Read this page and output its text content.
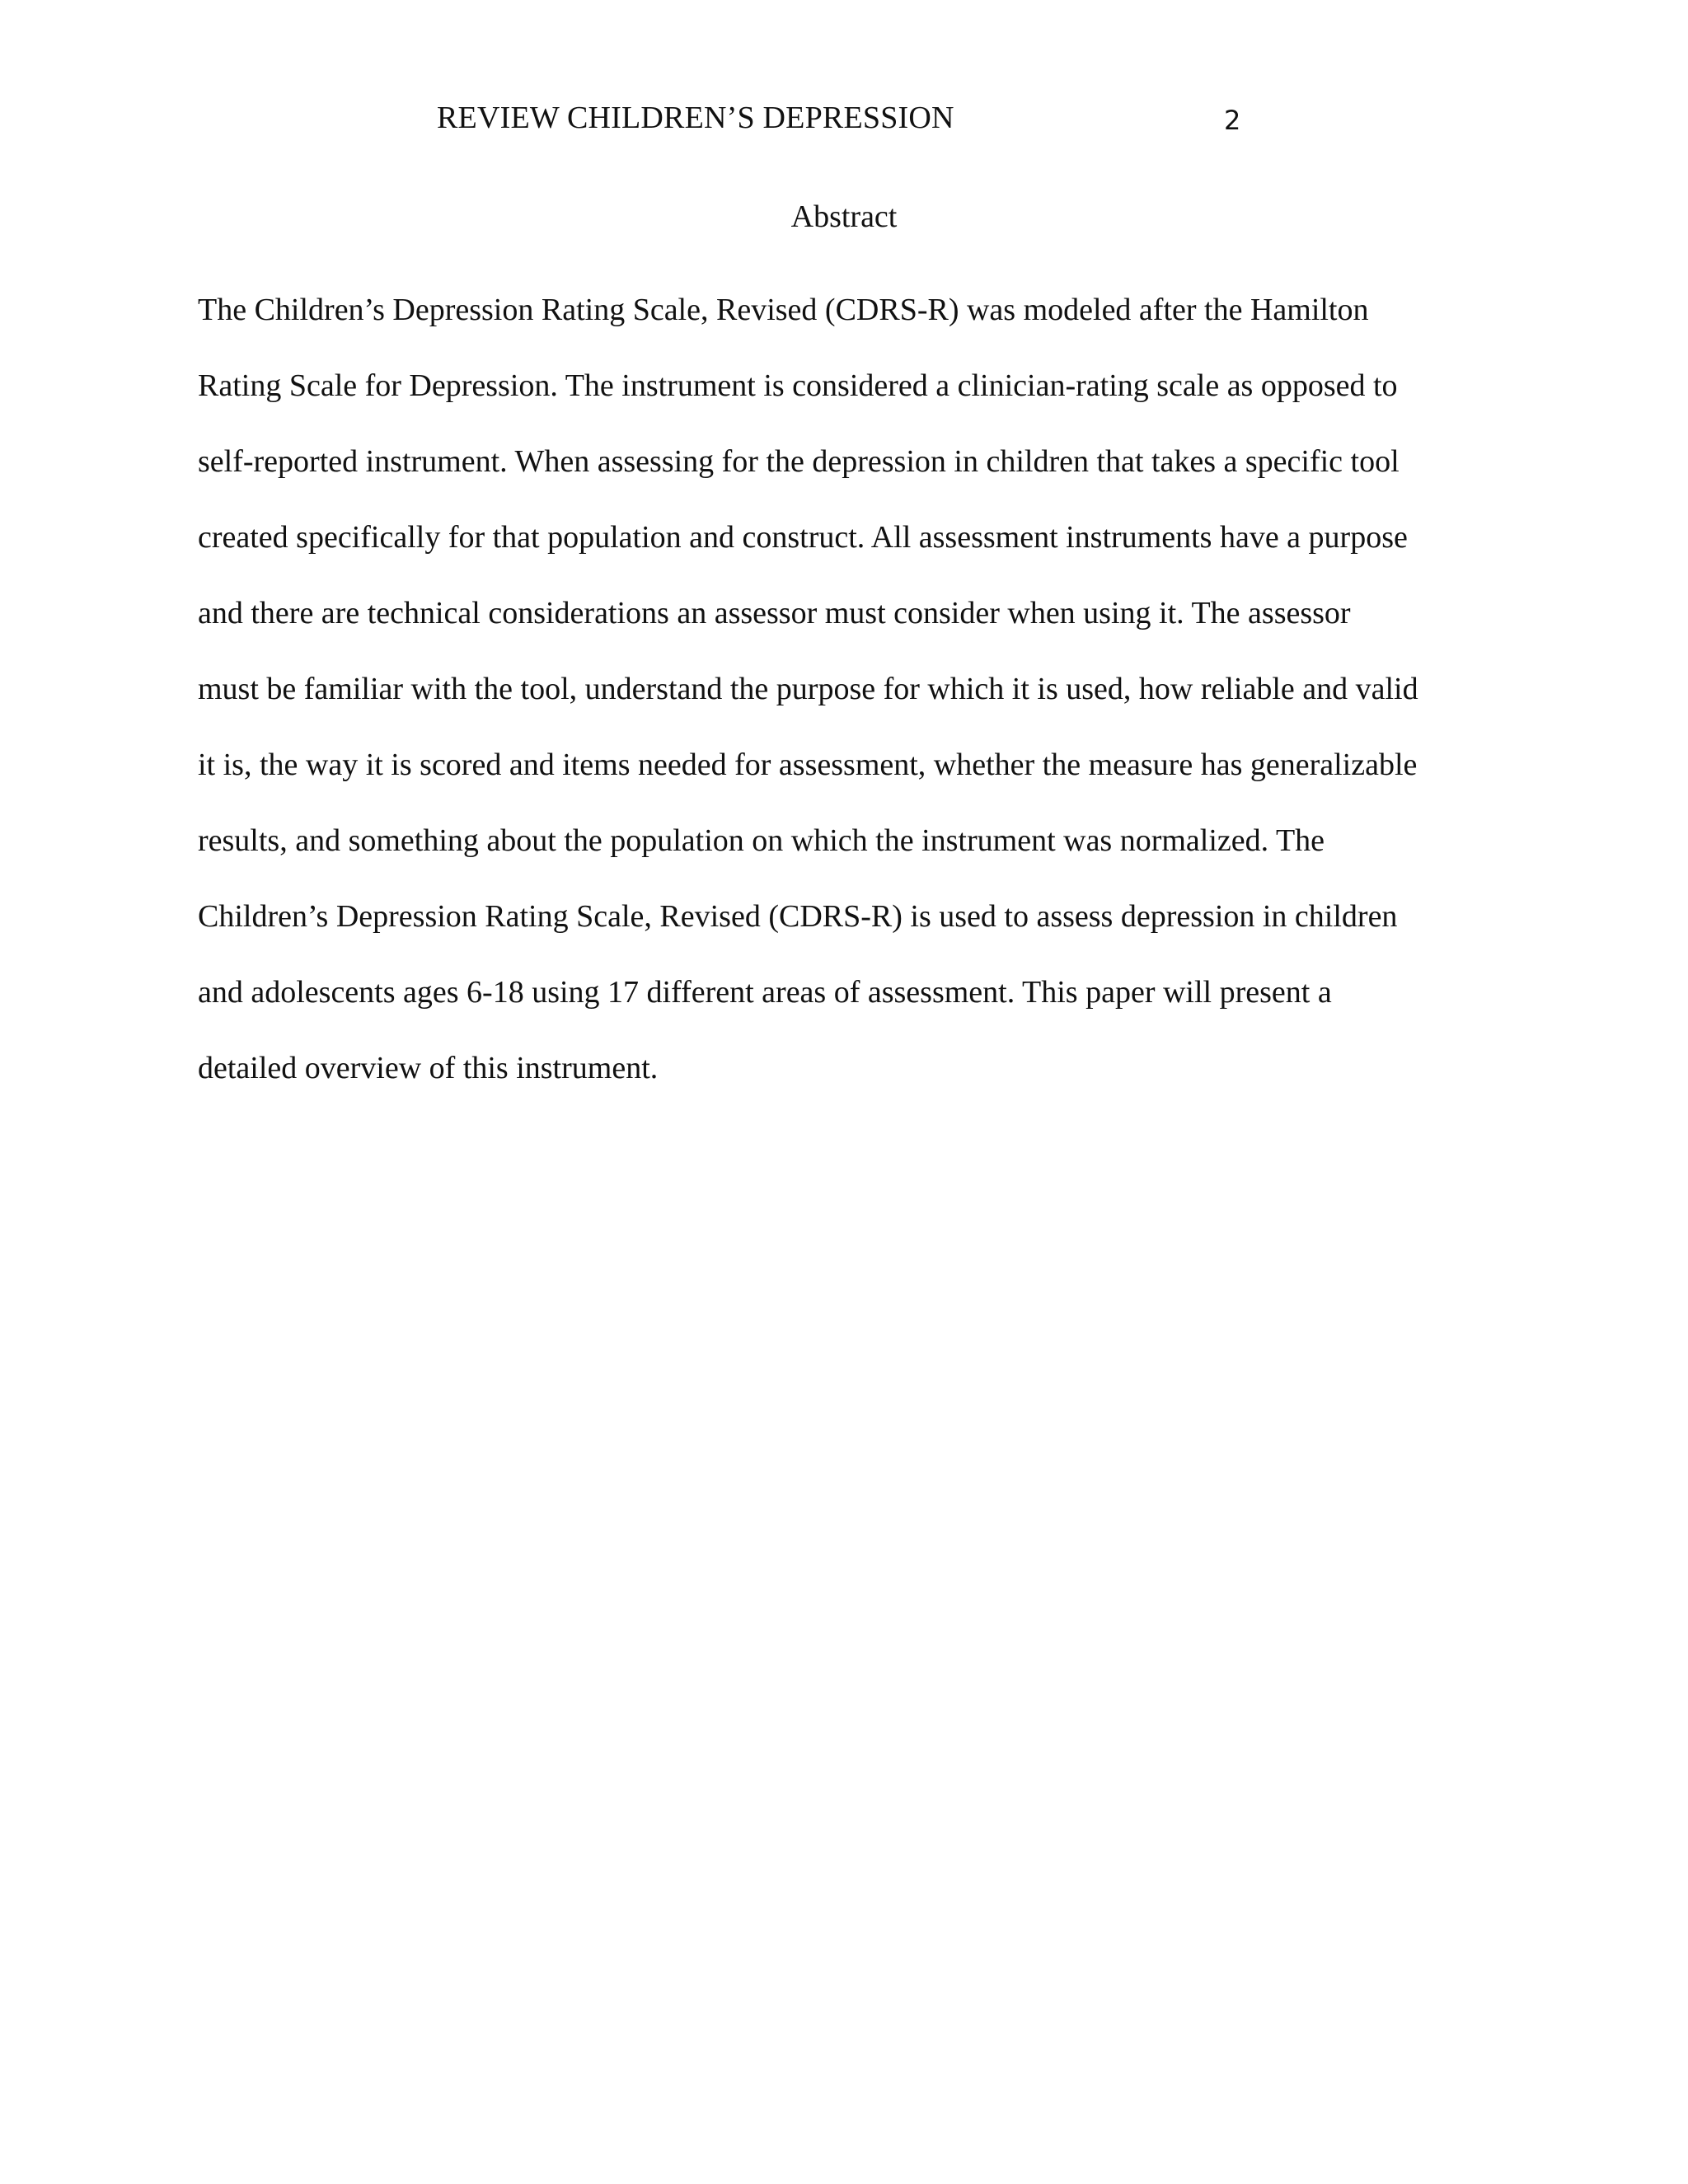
REVIEW CHILDREN’S DEPRESSION	2
Abstract
The Children’s Depression Rating Scale, Revised (CDRS-R) was modeled after the Hamilton
Rating Scale for Depression. The instrument is considered a clinician-rating scale as opposed to
self-reported instrument. When assessing for the depression in children that takes a specific tool
created specifically for that population and construct. All assessment instruments have a purpose
and there are technical considerations an assessor must consider when using it. The assessor
must be familiar with the tool, understand the purpose for which it is used, how reliable and valid
it is, the way it is scored and items needed for assessment, whether the measure has generalizable
results, and something about the population on which the instrument was normalized. The
Children’s Depression Rating Scale, Revised (CDRS-R) is used to assess depression in children
and adolescents ages 6-18 using 17 different areas of assessment. This paper will present a
detailed overview of this instrument.
